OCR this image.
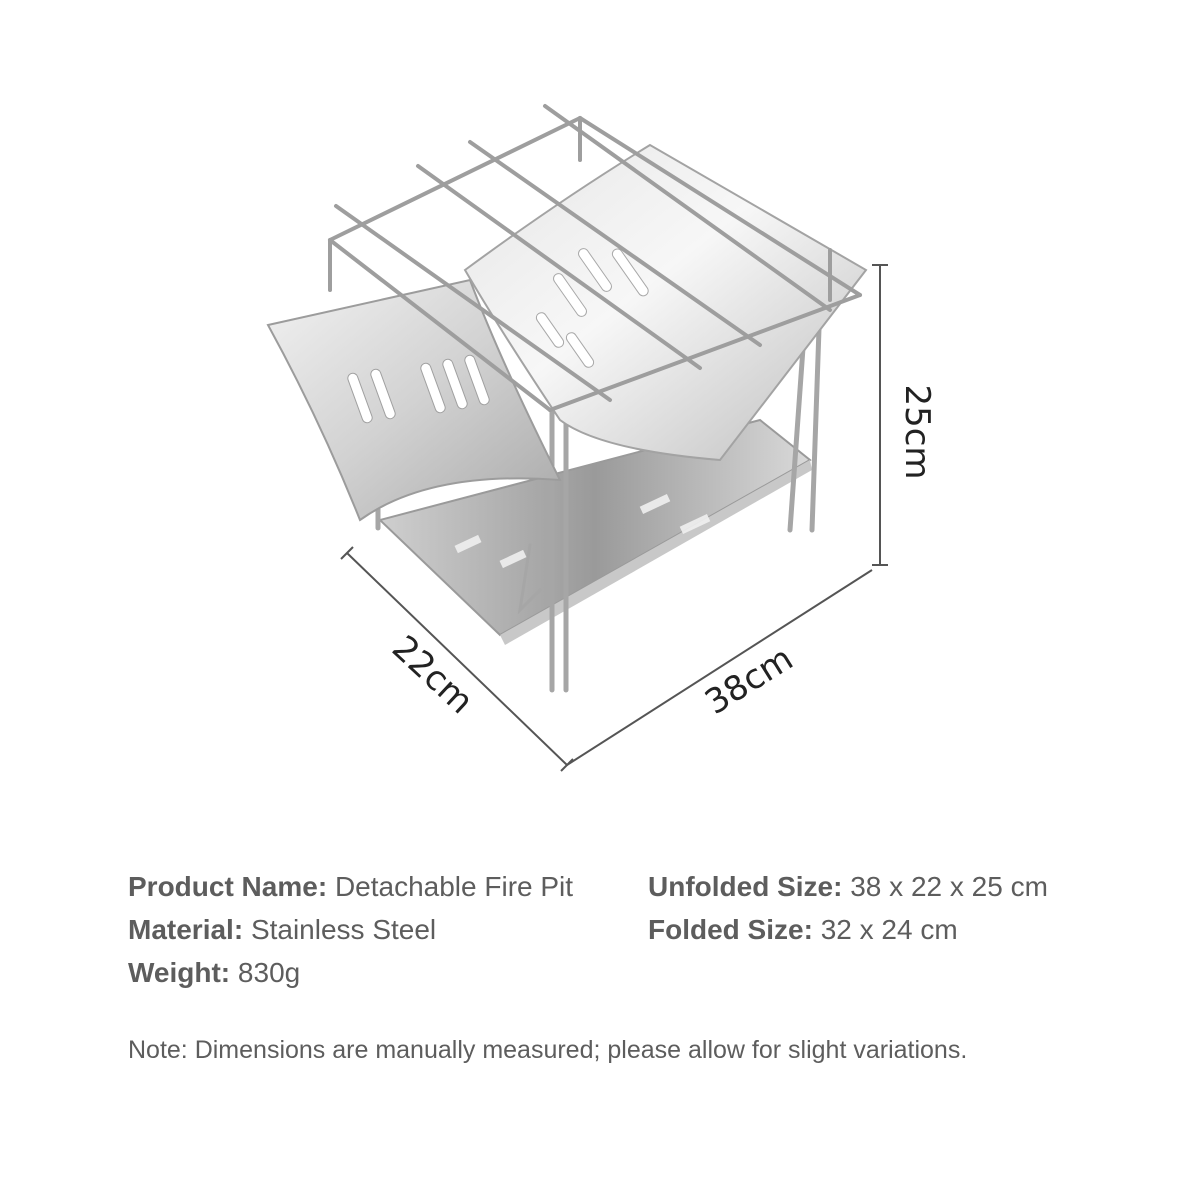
25cm
22cm	38cm
Product Name: Detachable Fire Pit
Material: Stainless Steel
Weight: 830g
Unfolded Size: 38 x 22 x 25 cm
Folded Size: 32 x 24 cm
Note: Dimensions are manually measured; please allow for slight variations.
